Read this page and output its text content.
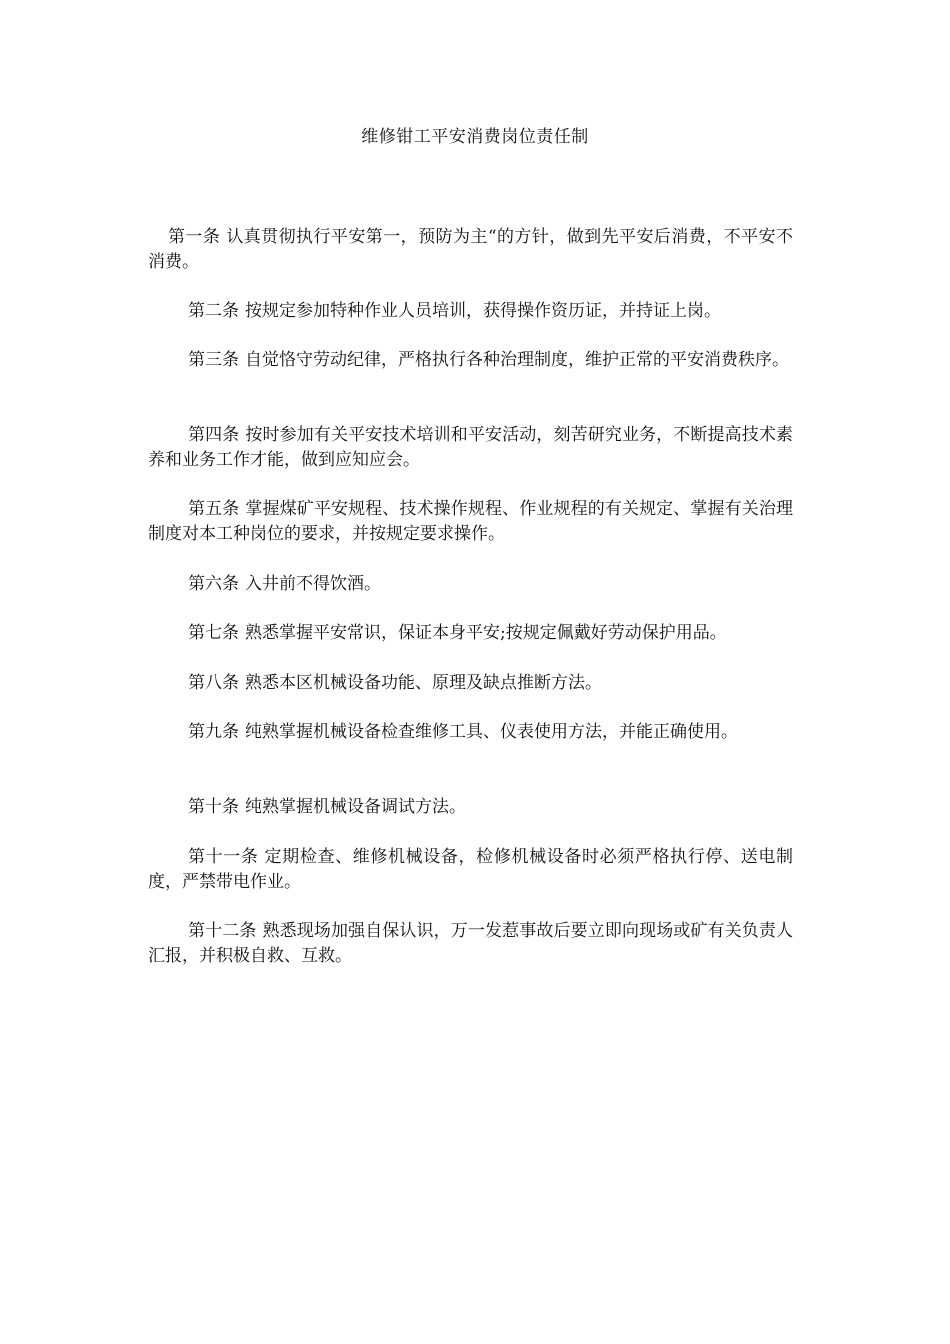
维修钳工平安消费岗位责任制

第一条 认真贯彻执行平安第一，预防为主“的方针，做到先平安后消费，不平安不消费。

第二条 按规定参加特种作业人员培训，获得操作资历证，并持证上岗。

第三条 自觉恪守劳动纪律，严格执行各种治理制度，维护正常的平安消费秩序。

第四条 按时参加有关平安技术培训和平安活动，刻苦研究业务，不断提高技术素养和业务工作才能，做到应知应会。

第五条 掌握煤矿平安规程、技术操作规程、作业规程的有关规定、掌握有关治理制度对本工种岗位的要求，并按规定要求操作。

第六条 入井前不得饮酒。

第七条 熟悉掌握平安常识，保证本身平安;按规定佩戴好劳动保护用品。

第八条 熟悉本区机械设备功能、原理及缺点推断方法。

第九条 纯熟掌握机械设备检查维修工具、仪表使用方法，并能正确使用。

第十条 纯熟掌握机械设备调试方法。

第十一条 定期检查、维修机械设备，检修机械设备时必须严格执行停、送电制度，严禁带电作业。

第十二条 熟悉现场加强自保认识，万一发惹事故后要立即向现场或矿有关负责人汇报，并积极自救、互救。
